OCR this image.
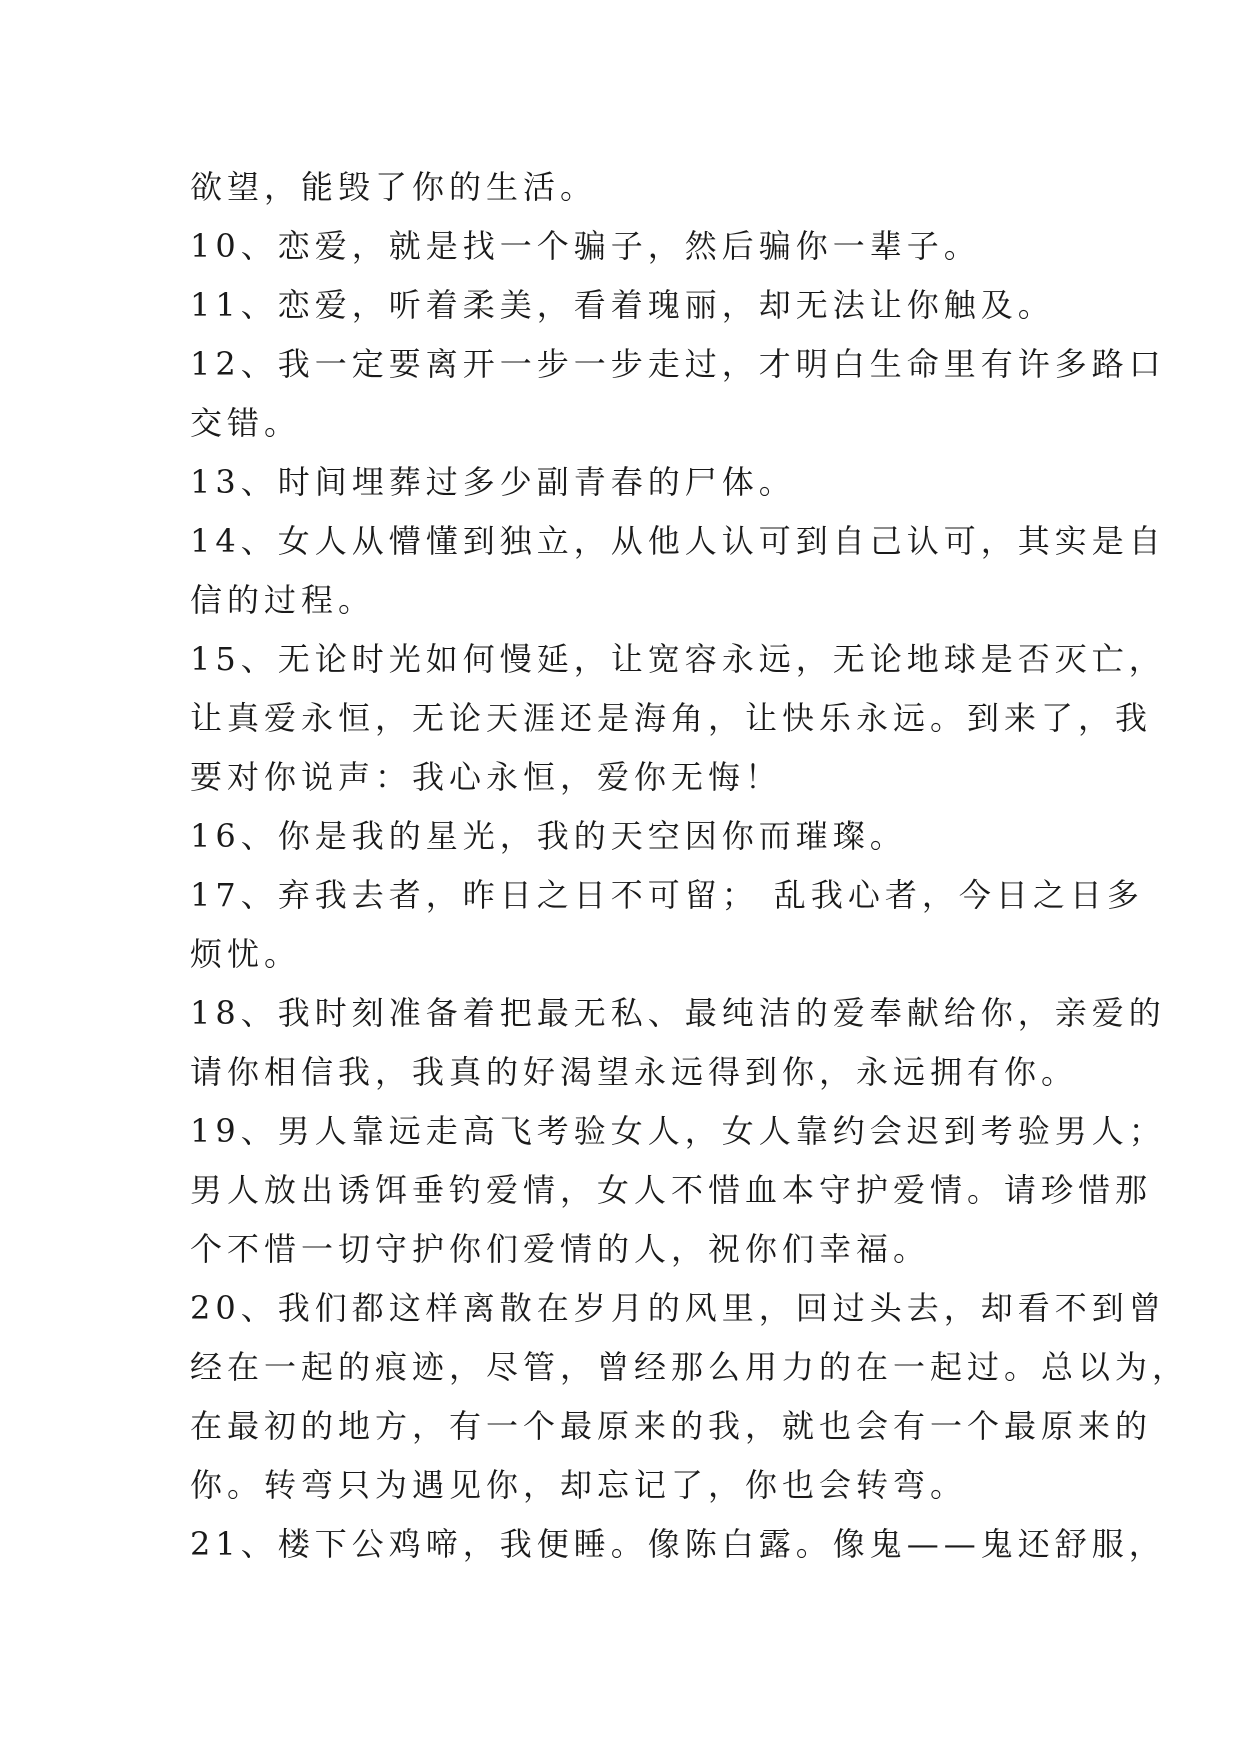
欲望，能毁了你的生活。
10、恋爱，就是找一个骗子，然后骗你一辈子。
11、恋爱，听着柔美，看着瑰丽，却无法让你触及。
12、我一定要离开一步一步走过，才明白生命里有许多路口
交错。
13、时间埋葬过多少副青春的尸体。
14、女人从懵懂到独立，从他人认可到自己认可，其实是自
信的过程。
15、无论时光如何慢延，让宽容永远，无论地球是否灭亡，
让真爱永恒，无论天涯还是海角，让快乐永远。到来了，我
要对你说声：我心永恒，爱你无悔！
16、你是我的星光，我的天空因你而璀璨。
17、弃我去者，昨日之日不可留； 乱我心者，今日之日多
烦忧。
18、我时刻准备着把最无私、最纯洁的爱奉献给你，亲爱的
请你相信我，我真的好渴望永远得到你，永远拥有你。
19、男人靠远走高飞考验女人，女人靠约会迟到考验男人；
男人放出诱饵垂钓爱情，女人不惜血本守护爱情。请珍惜那
个不惜一切守护你们爱情的人，祝你们幸福。
20、我们都这样离散在岁月的风里，回过头去，却看不到曾
经在一起的痕迹，尽管，曾经那么用力的在一起过。总以为，
在最初的地方，有一个最原来的我，就也会有一个最原来的
你。转弯只为遇见你，却忘记了，你也会转弯。
21、楼下公鸡啼，我便睡。像陈白露。像鬼——鬼还舒服，
